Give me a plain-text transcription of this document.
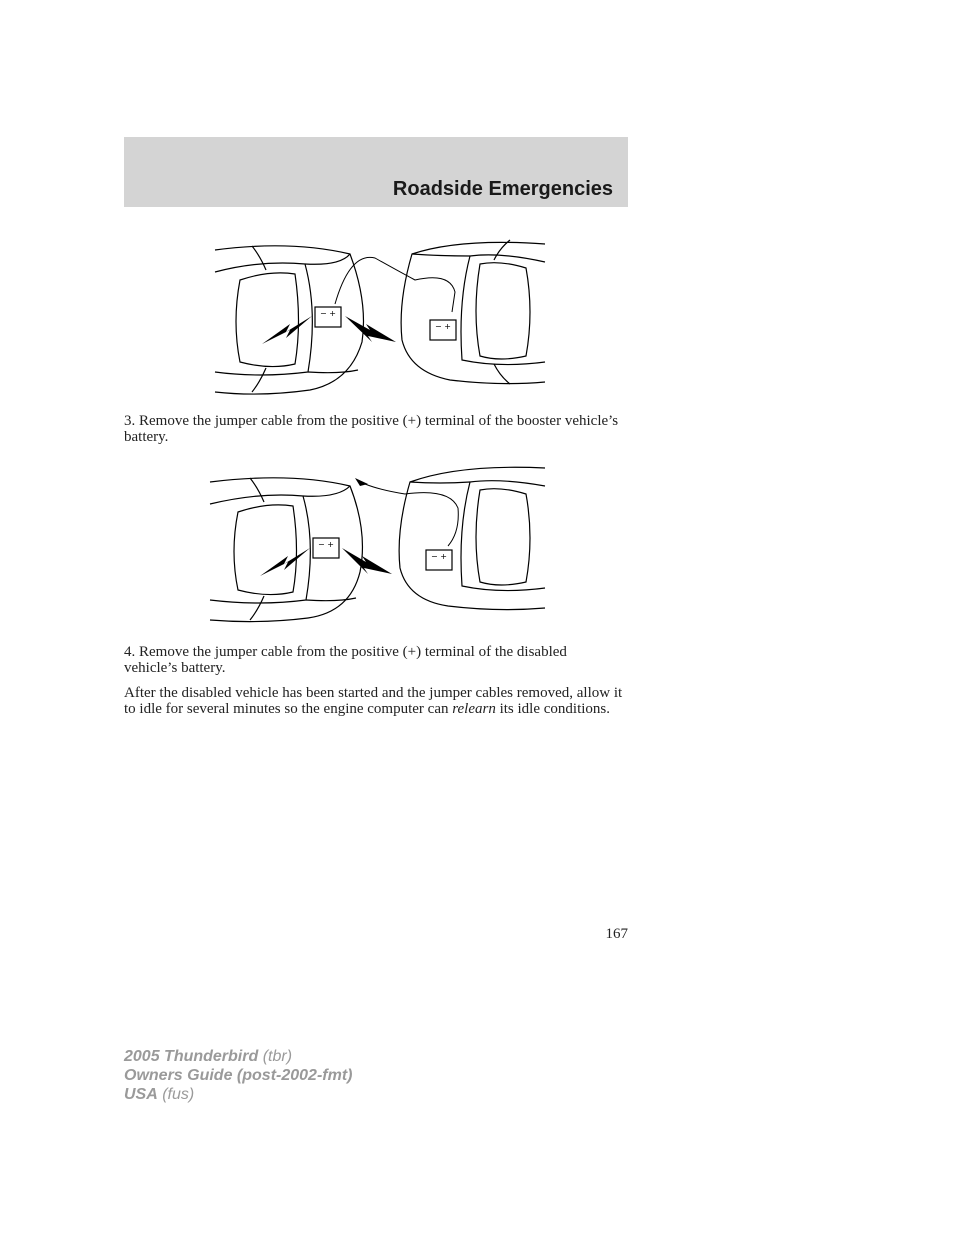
Roadside Emergencies
− +
− +

3. Remove the jumper cable from the positive (+) terminal of the booster vehicle’s battery.

− +
− +

4. Remove the jumper cable from the positive (+) terminal of the disabled vehicle’s battery.

After the disabled vehicle has been started and the jumper cables removed, allow it to idle for several minutes so the engine computer can relearn its idle conditions.

167
2005 Thunderbird (tbr)
Owners Guide (post-2002-fmt)
USA (fus)
